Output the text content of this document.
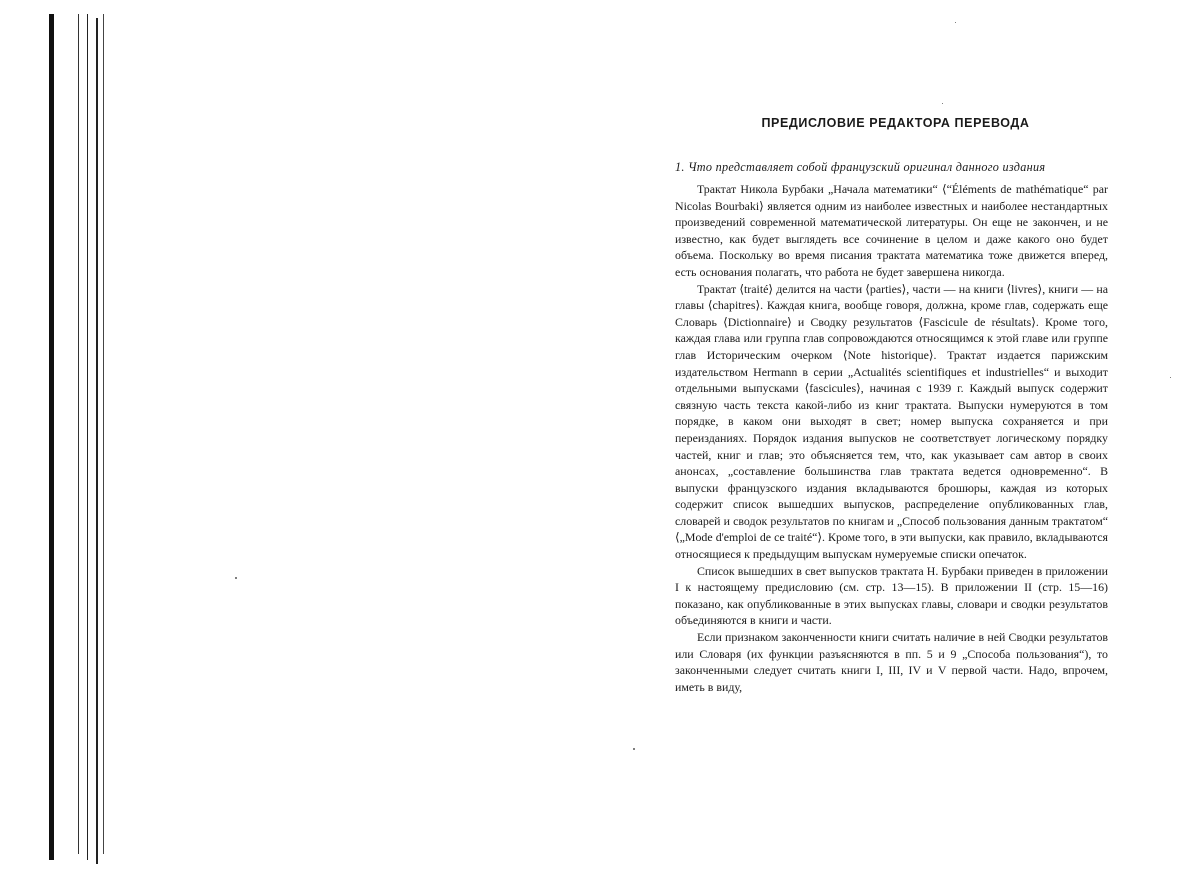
ПРЕДИСЛОВИЕ РЕДАКТОРА ПЕРЕВОДА
1. Что представляет собой французский оригинал данного издания

Трактат Никола Бурбаки „Начала математики“ ⟨“Éléments de mathématique“ par Nicolas Bourbaki⟩ является одним из наиболее известных и наиболее нестандартных произведений современной математической литературы. Он еще не закончен, и не известно, как будет выглядеть все сочинение в целом и даже какого оно будет объема. Поскольку во время писания трактата математика тоже движется вперед, есть основания полагать, что работа не будет завершена никогда.

Трактат ⟨traité⟩ делится на части ⟨parties⟩, части — на книги ⟨livres⟩, книги — на главы ⟨chapitres⟩. Каждая книга, вообще говоря, должна, кроме глав, содержать еще Словарь ⟨Dictionnaire⟩ и Сводку результатов ⟨Fascicule de résultats⟩. Кроме того, каждая глава или группа глав сопровождаются относящимся к этой главе или группе глав Историческим очерком ⟨Note historique⟩. Трактат издается парижским издательством Hermann в серии „Actualités scientifiques et industrielles“ и выходит отдельными выпусками ⟨fascicules⟩, начиная с 1939 г. Каждый выпуск содержит связную часть текста какой-либо из книг трактата. Выпуски нумеруются в том порядке, в каком они выходят в свет; номер выпуска сохраняется и при переизданиях. Порядок издания выпусков не соответствует логическому порядку частей, книг и глав; это объясняется тем, что, как указывает сам автор в своих анонсах, „составление большинства глав трактата ведется одновременно“. В выпуски французского издания вкладываются брошюры, каждая из которых содержит список вышедших выпусков, распределение опубликованных глав, словарей и сводок результатов по книгам и „Способ пользования данным трактатом“ ⟨„Mode d'emploi de ce traité“⟩. Кроме того, в эти выпуски, как правило, вкладываются относящиеся к предыдущим выпускам нумеруемые списки опечаток.

Список вышедших в свет выпусков трактата Н. Бурбаки приведен в приложении I к настоящему предисловию (см. стр. 13—15). В приложении II (стр. 15—16) показано, как опубликованные в этих выпусках главы, словари и сводки результатов объединяются в книги и части.

Если признаком законченности книги считать наличие в ней Сводки результатов или Словаря (их функции разъясняются в пп. 5 и 9 „Способа пользования“), то законченными следует считать книги I, III, IV и V первой части. Надо, впрочем, иметь в виду,
